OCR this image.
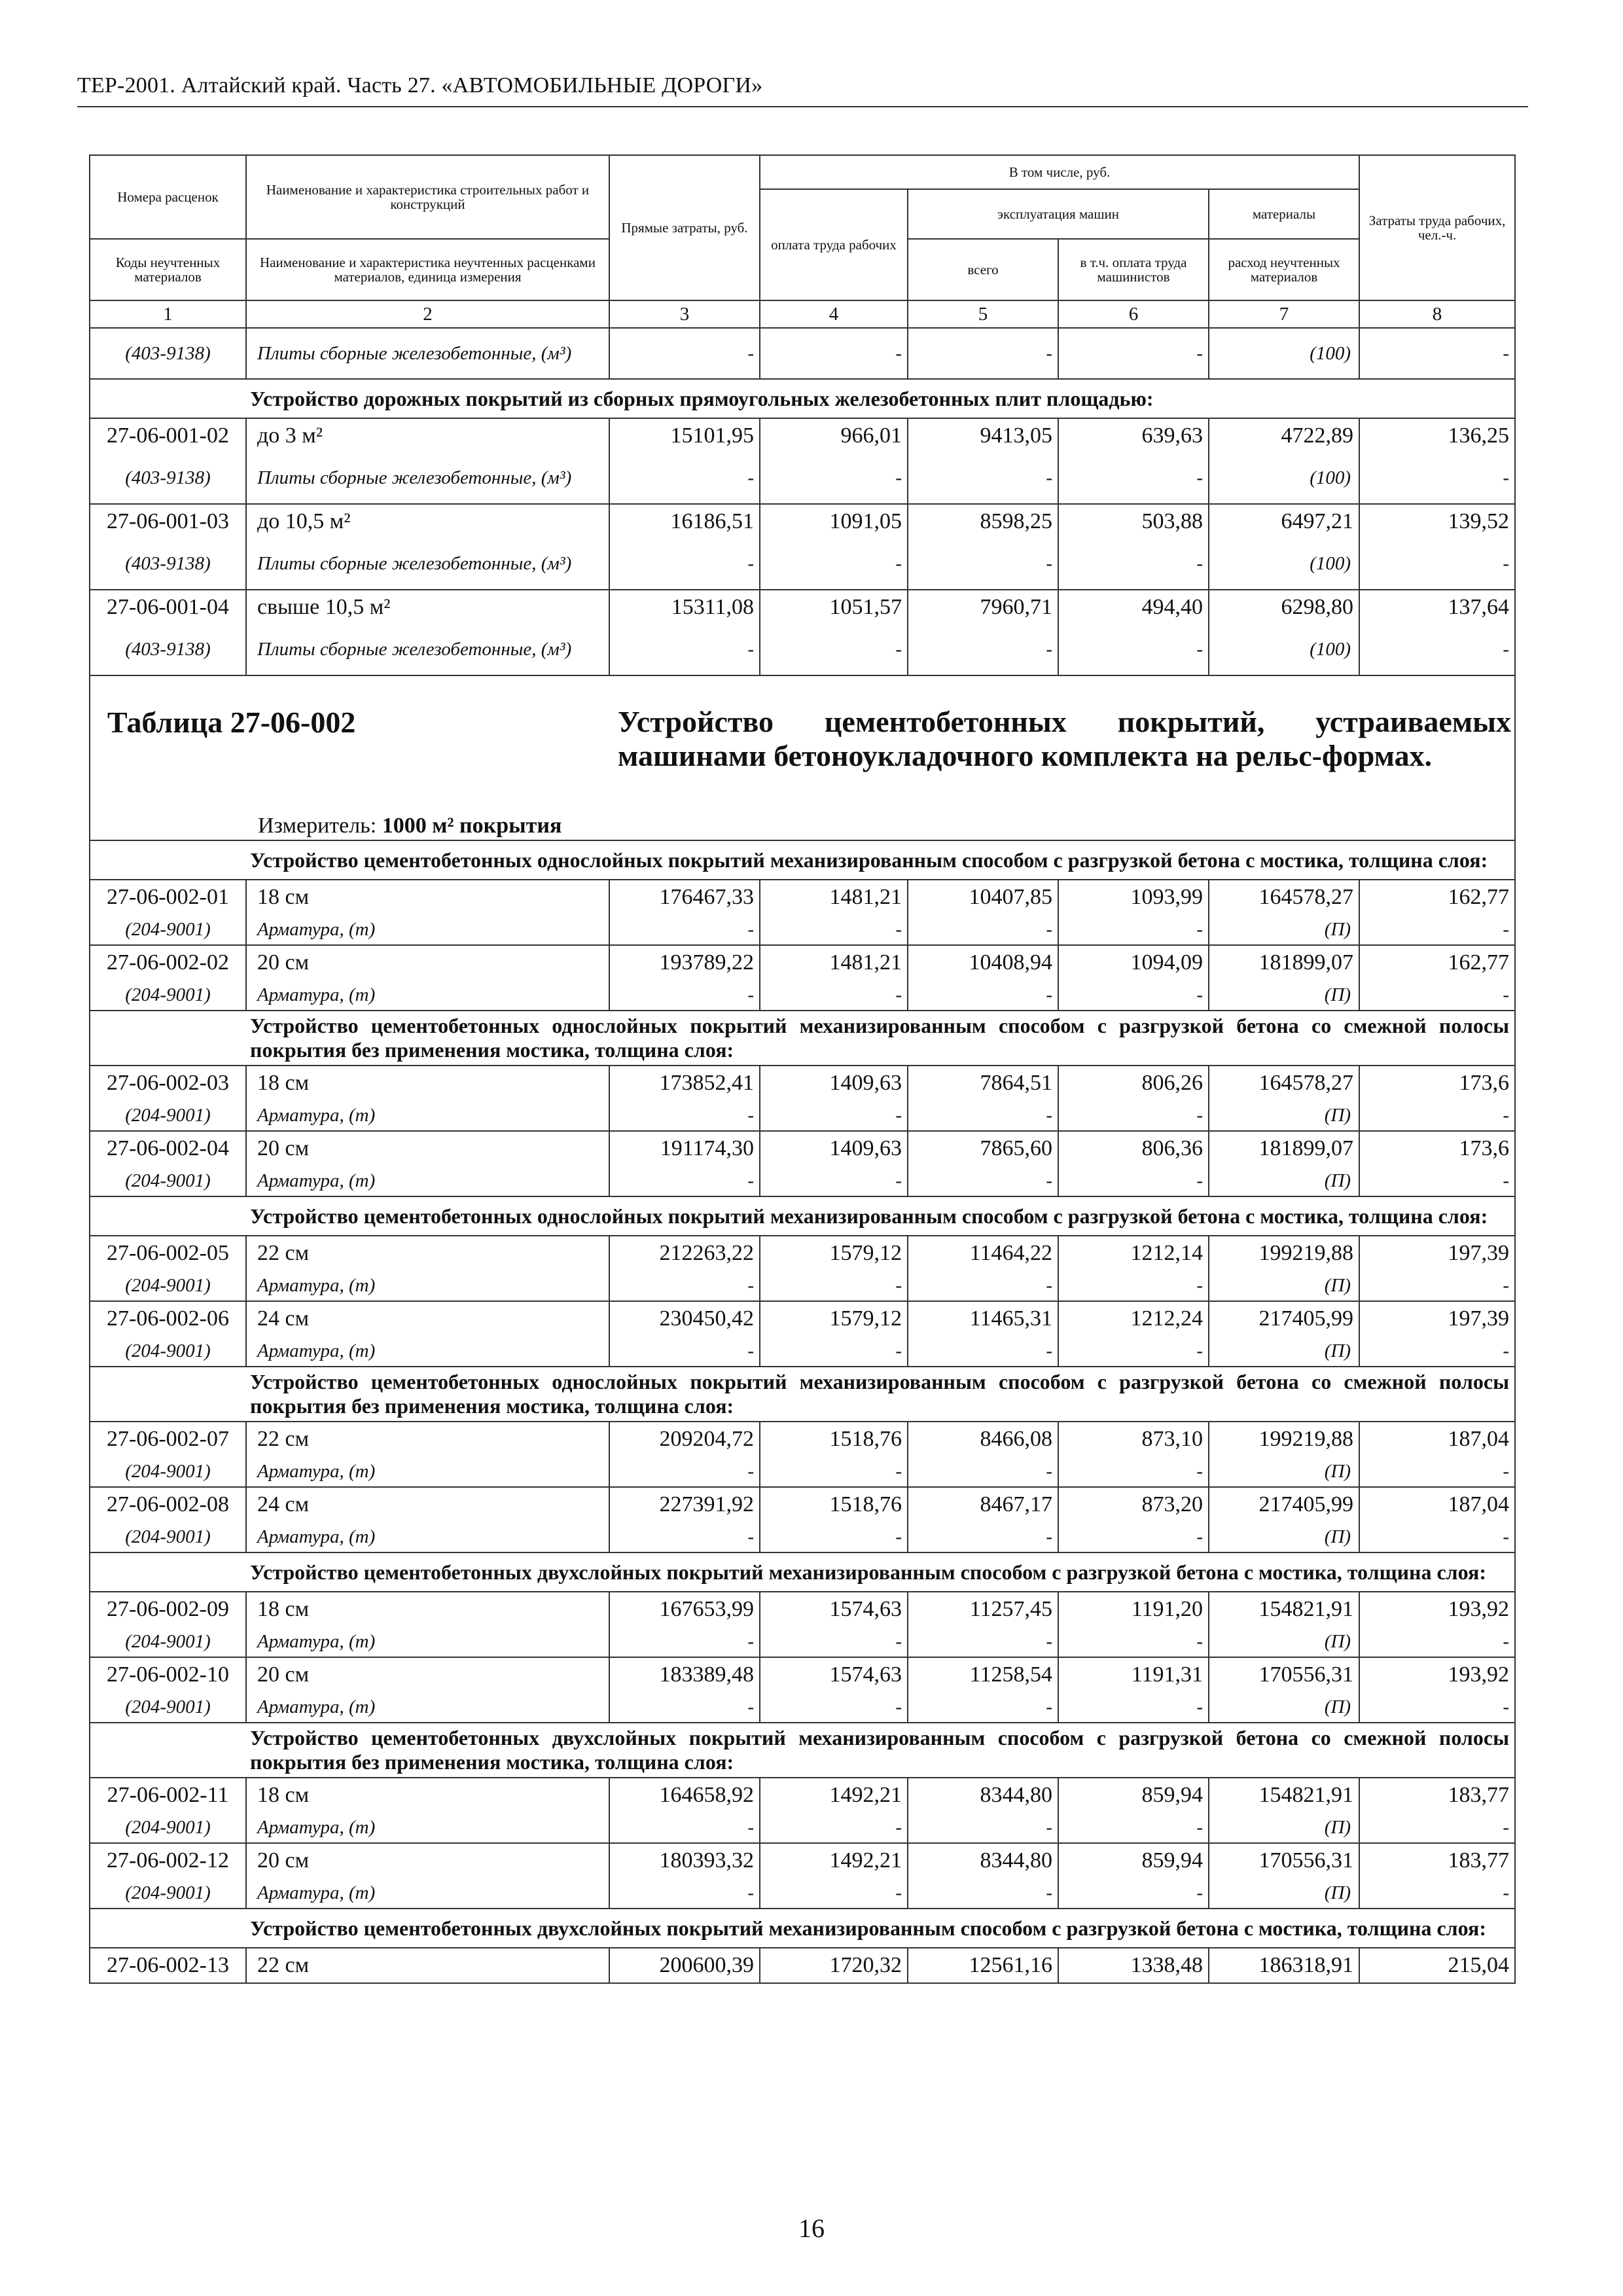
ТЕР-2001. Алтайский край. Часть 27. «АВТОМОБИЛЬНЫЕ ДОРОГИ»
Номера расценок	Наименование и характеристика строительных работ и конструкций	Прямые затраты, руб.	В том числе, руб.				Затраты труда рабочих, чел.-ч.
			оплата труда рабочих	эксплуатация машин		материалы	
Коды неучтенных материалов	Наименование и характеристика неучтенных расценками материалов, единица измерения			всего	в т.ч. оплата труда машинистов	расход неучтенных материалов	
1	2	3	4	5	6	7	8
(403-9138)	Плиты сборные железобетонные, (м³)	-	-	-	-	(100)	-
	Устройство дорожных покрытий из сборных прямоугольных железобетонных плит площадью:						
27-06-001-02	до 3 м²	15101,95	966,01	9413,05	639,63	4722,89	136,25
(403-9138)	Плиты сборные железобетонные, (м³)	-	-	-	-	(100)	-
27-06-001-03	до 10,5 м²	16186,51	1091,05	8598,25	503,88	6497,21	139,52
(403-9138)	Плиты сборные железобетонные, (м³)	-	-	-	-	(100)	-
27-06-001-04	свыше 10,5 м²	15311,08	1051,57	7960,71	494,40	6298,80	137,64
(403-9138)	Плиты сборные железобетонные, (м³)	-	-	-	-	(100)	-

Таблица 27-06-002 Устройство цементобетонных покрытий, устраиваемых машинами бетоноукладочного комплекта на рельс-формах.
Измеритель: 1000 м² покрытия							

	Устройство цементобетонных однослойных покрытий механизированным способом с разгрузкой бетона с мостика, толщина слоя:						
27-06-002-01	18 см	176467,33	1481,21	10407,85	1093,99	164578,27	162,77
(204-9001)	Арматура, (т)	-	-	-	-	(П)	-
27-06-002-02	20 см	193789,22	1481,21	10408,94	1094,09	181899,07	162,77
(204-9001)	Арматура, (т)	-	-	-	-	(П)	-
	Устройство цементобетонных однослойных покрытий механизированным способом с разгрузкой бетона со смежной полосы покрытия без применения мостика, толщина слоя:						
27-06-002-03	18 см	173852,41	1409,63	7864,51	806,26	164578,27	173,6
(204-9001)	Арматура, (т)	-	-	-	-	(П)	-
27-06-002-04	20 см	191174,30	1409,63	7865,60	806,36	181899,07	173,6
(204-9001)	Арматура, (т)	-	-	-	-	(П)	-
	Устройство цементобетонных однослойных покрытий механизированным способом с разгрузкой бетона с мостика, толщина слоя:						
27-06-002-05	22 см	212263,22	1579,12	11464,22	1212,14	199219,88	197,39
(204-9001)	Арматура, (т)	-	-	-	-	(П)	-
27-06-002-06	24 см	230450,42	1579,12	11465,31	1212,24	217405,99	197,39
(204-9001)	Арматура, (т)	-	-	-	-	(П)	-
	Устройство цементобетонных однослойных покрытий механизированным способом с разгрузкой бетона со смежной полосы покрытия без применения мостика, толщина слоя:						
27-06-002-07	22 см	209204,72	1518,76	8466,08	873,10	199219,88	187,04
(204-9001)	Арматура, (т)	-	-	-	-	(П)	-
27-06-002-08	24 см	227391,92	1518,76	8467,17	873,20	217405,99	187,04
(204-9001)	Арматура, (т)	-	-	-	-	(П)	-
	Устройство цементобетонных двухслойных покрытий механизированным способом с разгрузкой бетона с мостика, толщина слоя:						
27-06-002-09	18 см	167653,99	1574,63	11257,45	1191,20	154821,91	193,92
(204-9001)	Арматура, (т)	-	-	-	-	(П)	-
27-06-002-10	20 см	183389,48	1574,63	11258,54	1191,31	170556,31	193,92
(204-9001)	Арматура, (т)	-	-	-	-	(П)	-
	Устройство цементобетонных двухслойных покрытий механизированным способом с разгрузкой бетона со смежной полосы покрытия без применения мостика, толщина слоя:						
27-06-002-11	18 см	164658,92	1492,21	8344,80	859,94	154821,91	183,77
(204-9001)	Арматура, (т)	-	-	-	-	(П)	-
27-06-002-12	20 см	180393,32	1492,21	8344,80	859,94	170556,31	183,77
(204-9001)	Арматура, (т)	-	-	-	-	(П)	-
	Устройство цементобетонных двухслойных покрытий механизированным способом с разгрузкой бетона с мостика, толщина слоя:						
27-06-002-13	22 см	200600,39	1720,32	12561,16	1338,48	186318,91	215,04
16
